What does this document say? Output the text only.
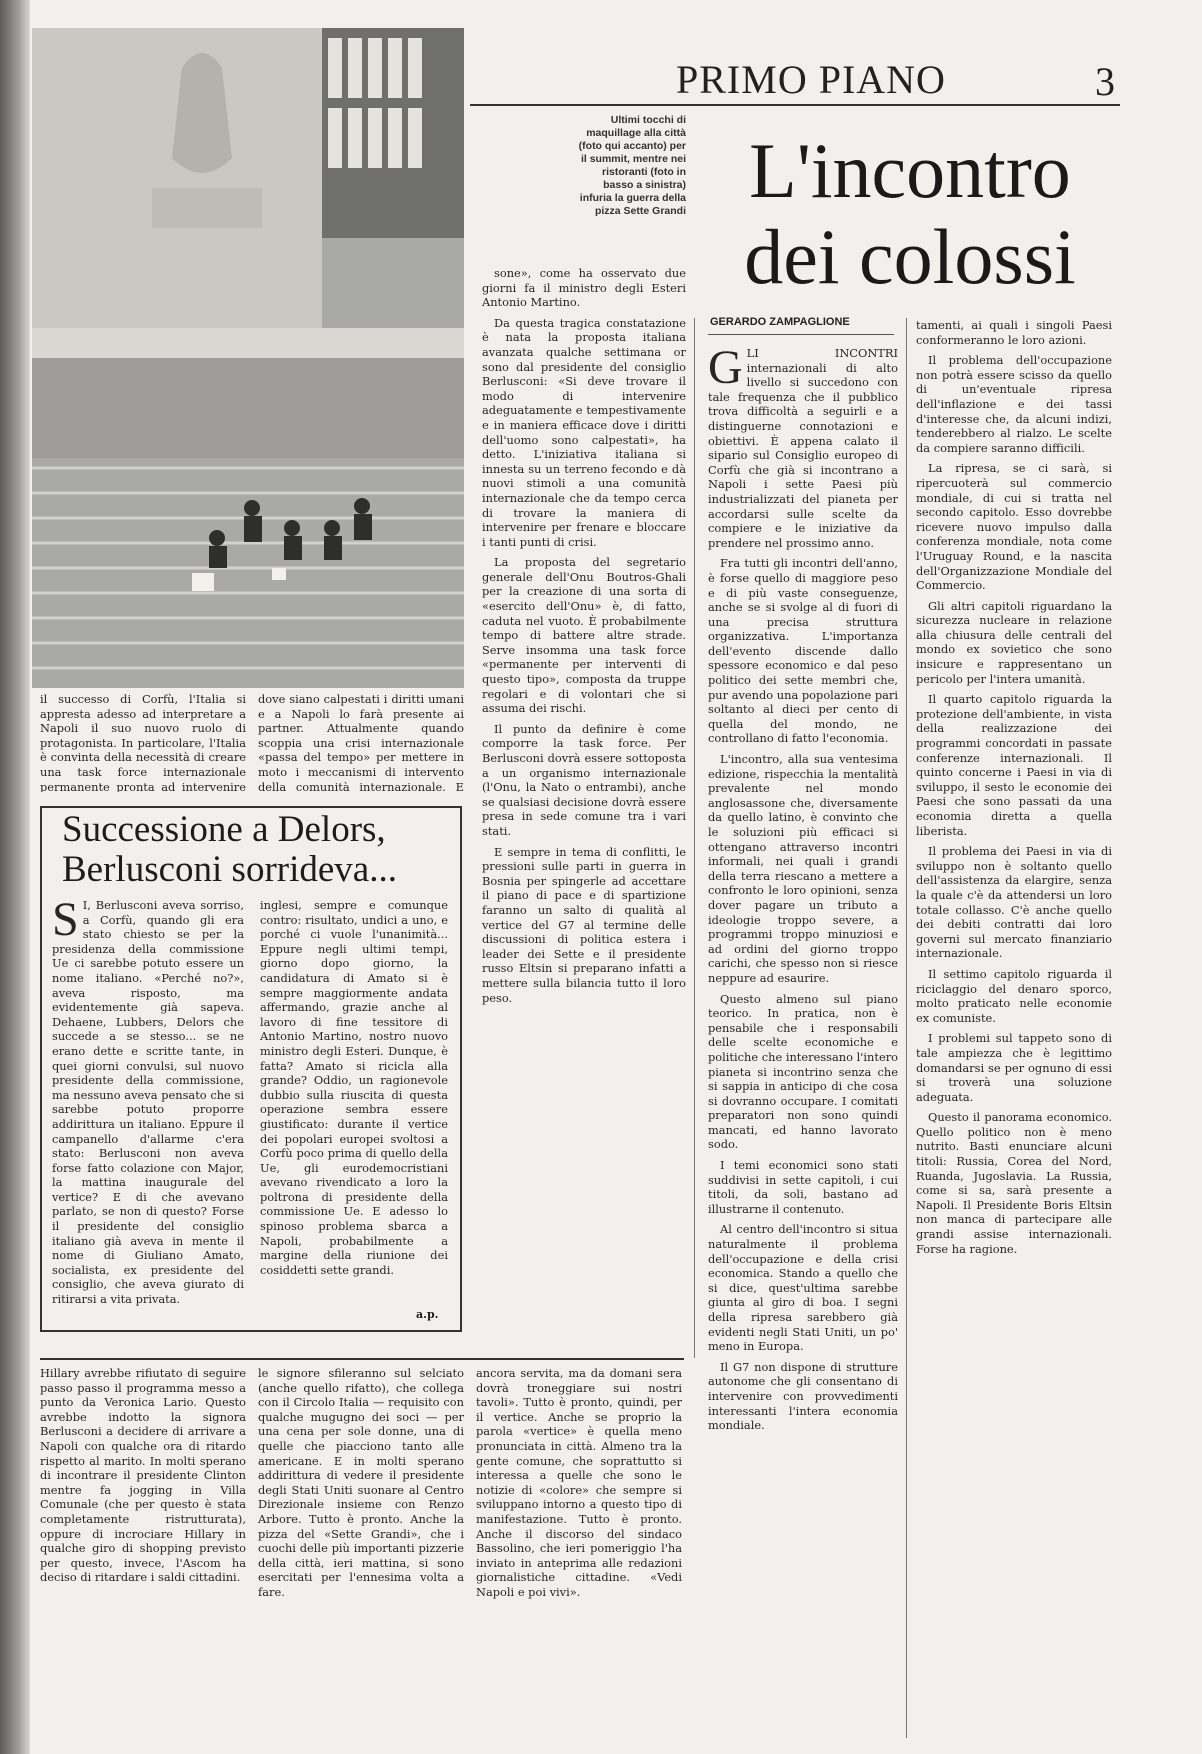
PRIMO PIANO	3
Ultimi tocchi di maquillage alla città (foto qui accanto) per il summit, mentre nei ristoranti (foto in basso a sinistra) infuria la guerra della pizza Sette Grandi L'incontro
dei colossi
GERARDO ZAMPAGLIONE

sone», come ha osservato due giorni fa il ministro degli Esteri Antonio Martino.

Da questa tragica constatazione è nata la proposta italiana avanzata qualche settimana or sono dal presidente del consiglio Berlusconi: «Si deve trovare il modo di intervenire adeguatamente e tempestivamente e in maniera efficace dove i diritti dell'uomo sono calpestati», ha detto. L'iniziativa italiana si innesta su un terreno fecondo e dà nuovi stimoli a una comunità internazionale che da tempo cerca di trovare la maniera di intervenire per frenare e bloccare i tanti punti di crisi.

La proposta del segretario generale dell'Onu Boutros-Ghali per la creazione di una sorta di «esercito dell'Onu» è, di fatto, caduta nel vuoto. È probabilmente tempo di battere altre strade. Serve insomma una task force «permanente per interventi di questo tipo», composta da truppe regolari e di volontari che si assuma dei rischi.

Il punto da definire è come comporre la task force. Per Berlusconi dovrà essere sottoposta a un organismo internazionale (l'Onu, la Nato o entrambi), anche se qualsiasi decisione dovrà essere presa in sede comune tra i vari stati.

E sempre in tema di conflitti, le pressioni sulle parti in guerra in Bosnia per spingerle ad accettare il piano di pace e di spartizione faranno un salto di qualità al vertice del G7 al termine delle discussioni di politica estera i leader dei Sette e il presidente russo Eltsin si preparano infatti a mettere sulla bilancia tutto il loro peso.

GLI INCONTRI internazionali di alto livello si succedono con tale frequenza che il pubblico trova difficoltà a seguirli e a distinguerne connotazioni e obiettivi. È appena calato il sipario sul Consiglio europeo di Corfù che già si incontrano a Napoli i sette Paesi più industrializzati del pianeta per accordarsi sulle scelte da compiere e le iniziative da prendere nel prossimo anno.

Fra tutti gli incontri dell'anno, è forse quello di maggiore peso e di più vaste conseguenze, anche se si svolge al di fuori di una precisa struttura organizzativa. L'importanza dell'evento discende dallo spessore economico e dal peso politico dei sette membri che, pur avendo una popolazione pari soltanto al dieci per cento di quella del mondo, ne controllano di fatto l'economia.

L'incontro, alla sua ventesima edizione, rispecchia la mentalità prevalente nel mondo anglosassone che, diversamente da quello latino, è convinto che le soluzioni più efficaci si ottengano attraverso incontri informali, nei quali i grandi della terra riescano a mettere a confronto le loro opinioni, senza dover pagare un tributo a ideologie troppo severe, a programmi troppo minuziosi e ad ordini del giorno troppo carichi, che spesso non si riesce neppure ad esaurire.

Questo almeno sul piano teorico. In pratica, non è pensabile che i responsabili delle scelte economiche e politiche che interessano l'intero pianeta si incontrino senza che si sappia in anticipo di che cosa si dovranno occupare. I comitati preparatori non sono quindi mancati, ed hanno lavorato sodo.

I temi economici sono stati suddivisi in sette capitoli, i cui titoli, da soli, bastano ad illustrarne il contenuto.

Al centro dell'incontro si situa naturalmente il problema dell'occupazione e della crisi economica. Stando a quello che si dice, quest'ultima sarebbe giunta al giro di boa. I segni della ripresa sarebbero già evidenti negli Stati Uniti, un po' meno in Europa.

Il G7 non dispone di strutture autonome che gli consentano di intervenire con provvedimenti interessanti l'intera economia mondiale.

tamenti, ai quali i singoli Paesi conformeranno le loro azioni.

Il problema dell'occupazione non potrà essere scisso da quello di un'eventuale ripresa dell'inflazione e dei tassi d'interesse che, da alcuni indizi, tenderebbero al rialzo. Le scelte da compiere saranno difficili.

La ripresa, se ci sarà, si ripercuoterà sul commercio mondiale, di cui si tratta nel secondo capitolo. Esso dovrebbe ricevere nuovo impulso dalla conferenza mondiale, nota come l'Uruguay Round, e la nascita dell'Organizzazione Mondiale del Commercio.

Gli altri capitoli riguardano la sicurezza nucleare in relazione alla chiusura delle centrali del mondo ex sovietico che sono insicure e rappresentano un pericolo per l'intera umanità.

Il quarto capitolo riguarda la protezione dell'ambiente, in vista della realizzazione dei programmi concordati in passate conferenze internazionali. Il quinto concerne i Paesi in via di sviluppo, il sesto le economie dei Paesi che sono passati da una economia diretta a quella liberista.

Il problema dei Paesi in via di sviluppo non è soltanto quello dell'assistenza da elargire, senza la quale c'è da attendersi un loro totale collasso. C'è anche quello dei debiti contratti dai loro governi sul mercato finanziario internazionale.

Il settimo capitolo riguarda il riciclaggio del denaro sporco, molto praticato nelle economie ex comuniste.

I problemi sul tappeto sono di tale ampiezza che è legittimo domandarsi se per ognuno di essi si troverà una soluzione adeguata.

Questo il panorama economico. Quello politico non è meno nutrito. Basti enunciare alcuni titoli: Russia, Corea del Nord, Ruanda, Jugoslavia. La Russia, come si sa, sarà presente a Napoli. Il Presidente Boris Eltsin non manca di partecipare alle grandi assise internazionali. Forse ha ragione.

il successo di Corfù, l'Italia si appresta adesso ad interpretare a Napoli il suo nuovo ruolo di protagonista. In particolare, l'Italia è convinta della necessità di creare una task force internazionale permanente pronta ad intervenire

dove siano calpestati i diritti umani e a Napoli lo farà presente ai partner. Attualmente quando scoppia una crisi internazionale «passa del tempo» per mettere in moto i meccanismi di intervento della comunità internazionale. E

Successione a Delors, Berlusconi sorrideva...

S I, Berlusconi aveva sorriso, a Corfù, quando gli era stato chiesto se per la presidenza della commissione Ue ci sarebbe potuto essere un nome italiano. «Perché no?», aveva risposto, ma evidentemente già sapeva. Dehaene, Lubbers, Delors che succede a se stesso... se ne erano dette e scritte tante, in quei giorni convulsi, sul nuovo presidente della commissione, ma nessuno aveva pensato che si sarebbe potuto proporre addirittura un italiano. Eppure il campanello d'allarme c'era stato: Berlusconi non aveva forse fatto colazione con Major, la mattina inaugurale del vertice? E di che avevano parlato, se non di questo? Forse il presidente del consiglio italiano già aveva in mente il nome di Giuliano Amato, socialista, ex presidente del consiglio, che aveva giurato di ritirarsi a vita privata.

inglesi, sempre e comunque contro: risultato, undici a uno, e porché ci vuole l'unanimità... Eppure negli ultimi tempi, giorno dopo giorno, la candidatura di Amato si è sempre maggiormente andata affermando, grazie anche al lavoro di fine tessitore di Antonio Martino, nostro nuovo ministro degli Esteri. Dunque, è fatta? Amato si ricicla alla grande? Oddio, un ragionevole dubbio sulla riuscita di questa operazione sembra essere giustificato: durante il vertice dei popolari europei svoltosi a Corfù poco prima di quello della Ue, gli eurodemocristiani avevano rivendicato a loro la poltrona di presidente della commissione Ue. E adesso lo spinoso problema sbarca a Napoli, probabilmente a margine della riunione dei cosiddetti sette grandi.

a.p.

Hillary avrebbe rifiutato di seguire passo passo il programma messo a punto da Veronica Lario. Questo avrebbe indotto la signora Berlusconi a decidere di arrivare a Napoli con qualche ora di ritardo rispetto al marito. In molti sperano di incontrare il presidente Clinton mentre fa jogging in Villa Comunale (che per questo è stata completamente ristrutturata), oppure di incrociare Hillary in qualche giro di shopping previsto per questo, invece, l'Ascom ha deciso di ritardare i saldi cittadini.

le signore sfileranno sul selciato (anche quello rifatto), che collega con il Circolo Italia — requisito con qualche mugugno dei soci — per una cena per sole donne, una di quelle che piacciono tanto alle americane. E in molti sperano addirittura di vedere il presidente degli Stati Uniti suonare al Centro Direzionale insieme con Renzo Arbore. Tutto è pronto. Anche la pizza del «Sette Grandi», che i cuochi delle più importanti pizzerie della città, ieri mattina, si sono esercitati per l'ennesima volta a fare.

ancora servita, ma da domani sera dovrà troneggiare sui nostri tavoli». Tutto è pronto, quindi, per il vertice. Anche se proprio la parola «vertice» è quella meno pronunciata in città. Almeno tra la gente comune, che soprattutto si interessa a quelle che sono le notizie di «colore» che sempre si sviluppano intorno a questo tipo di manifestazione. Tutto è pronto. Anche il discorso del sindaco Bassolino, che ieri pomeriggio l'ha inviato in anteprima alle redazioni giornalistiche cittadine. «Vedi Napoli e poi vivi».
